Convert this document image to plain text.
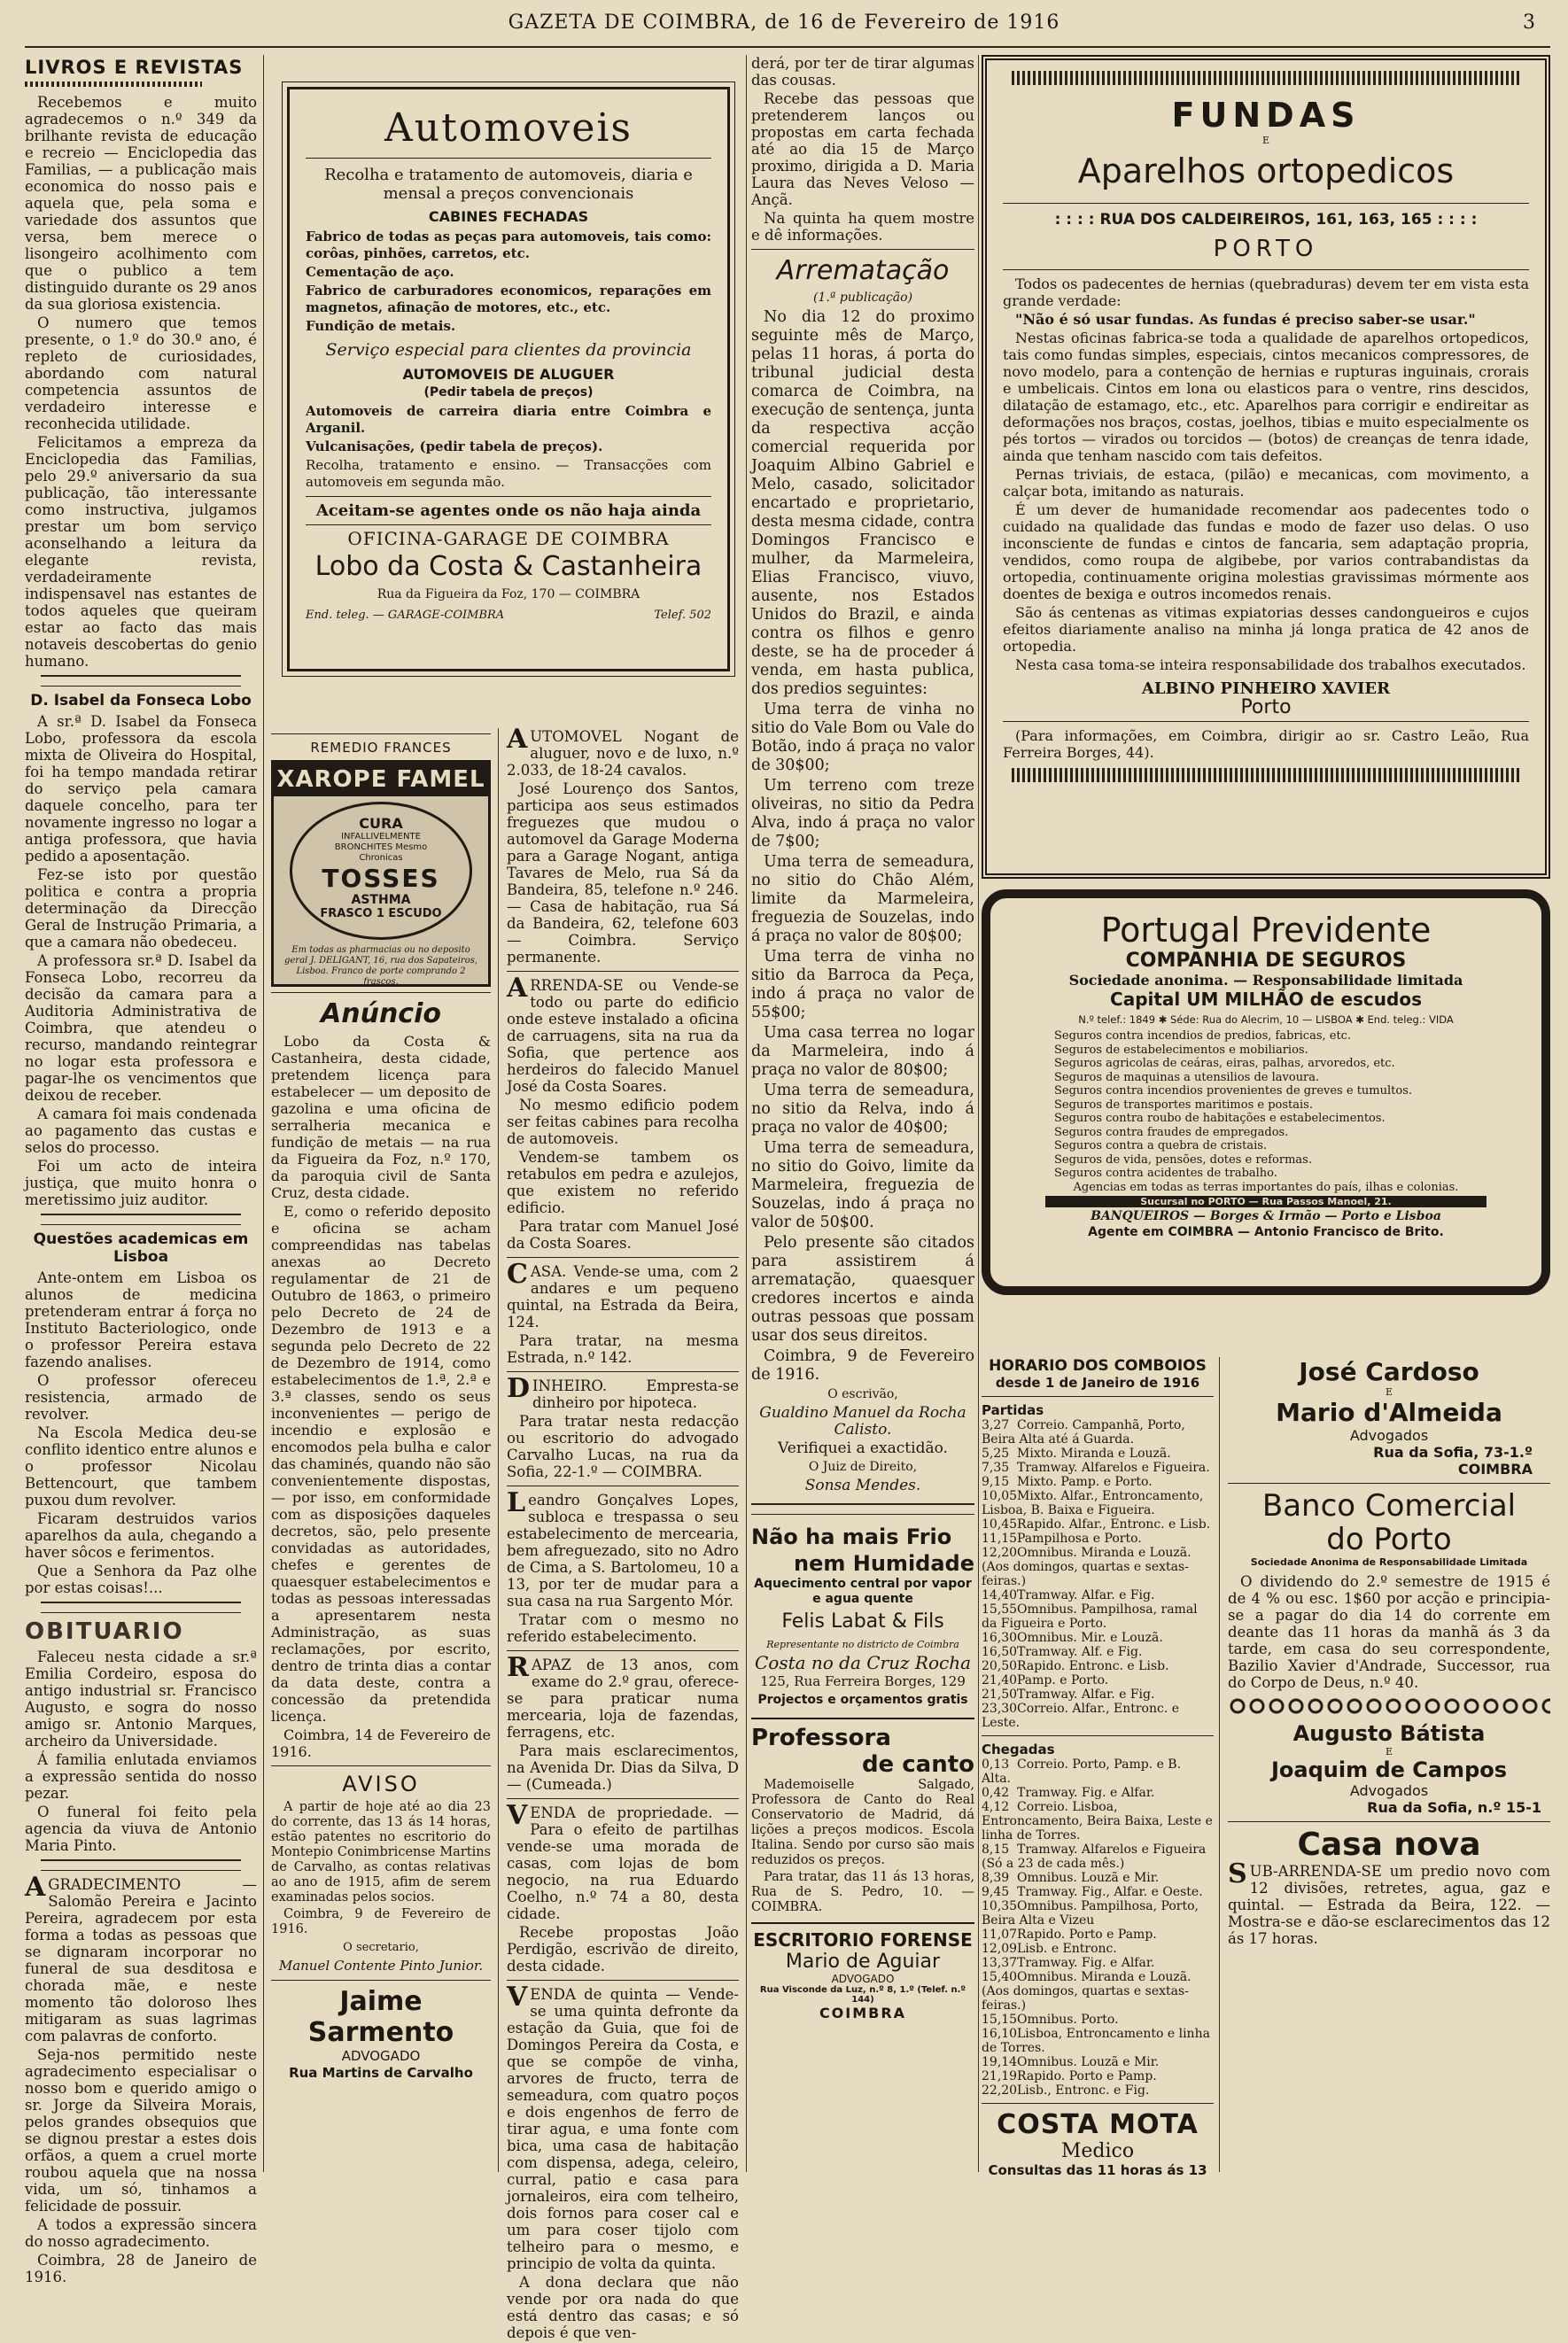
GAZETA DE COIMBRA, de 16 de Fevereiro de 1916	3
LIVROS E REVISTAS

Recebemos e muito agradecemos o n.º 349 da brilhante revista de educação e recreio — Enciclopedia das Familias, — a publicação mais economica do nosso pais e aquela que, pela soma e variedade dos assuntos que versa, bem merece o lisongeiro acolhimento com que o publico a tem distinguido durante os 29 anos da sua gloriosa existencia.

O numero que temos presente, o 1.º do 30.º ano, é repleto de curiosidades, abordando com natural competencia assuntos de verdadeiro interesse e reconhecida utilidade.

Felicitamos a empreza da Enciclopedia das Familias, pelo 29.º aniversario da sua publicação, tão interessante como instructiva, julgamos prestar um bom serviço aconselhando a leitura da elegante revista, verdadeiramente indispensavel nas estantes de todos aqueles que queiram estar ao facto das mais notaveis descobertas do genio humano.

D. Isabel da Fonseca Lobo

A sr.ª D. Isabel da Fonseca Lobo, professora da escola mixta de Oliveira do Hospital, foi ha tempo mandada retirar do serviço pela camara daquele concelho, para ter novamente ingresso no logar a antiga professora, que havia pedido a aposentação.

Fez-se isto por questão politica e contra a propria determinação da Direcção Geral de Instrução Primaria, a que a camara não obedeceu.

A professora sr.ª D. Isabel da Fonseca Lobo, recorreu da decisão da camara para a Auditoria Administrativa de Coimbra, que atendeu o recurso, mandando reintegrar no logar esta professora e pagar-lhe os vencimentos que deixou de receber.

A camara foi mais condenada ao pagamento das custas e selos do processo.

Foi um acto de inteira justiça, que muito honra o meretissimo juiz auditor.

Questões academicas em Lisboa

Ante-ontem em Lisboa os alunos de medicina pretenderam entrar á força no Instituto Bacteriologico, onde o professor Pereira estava fazendo analises.

O professor ofereceu resistencia, armado de revolver.

Na Escola Medica deu-se conflito identico entre alunos e o professor Nicolau Bettencourt, que tambem puxou dum revolver.

Ficaram destruidos varios aparelhos da aula, chegando a haver sôcos e ferimentos.

Que a Senhora da Paz olhe por estas coisas!...

OBITUARIO

Faleceu nesta cidade a sr.ª Emilia Cordeiro, esposa do antigo industrial sr. Francisco Augusto, e sogra do nosso amigo sr. Antonio Marques, archeiro da Universidade.

Á familia enlutada enviamos a expressão sentida do nosso pezar.

O funeral foi feito pela agencia da viuva de Antonio Maria Pinto.

AGRADECIMENTO — Salomão Pereira e Jacinto Pereira, agradecem por esta forma a todas as pessoas que se dignaram incorporar no funeral de sua desditosa e chorada mãe, e neste momento tão doloroso lhes mitigaram as suas lagrimas com palavras de conforto.

Seja-nos permitido neste agradecimento especialisar o nosso bom e querido amigo o sr. Jorge da Silveira Morais, pelos grandes obsequios que se dignou prestar a estes dois orfãos, a quem a cruel morte roubou aquela que na nossa vida, um só, tinhamos a felicidade de possuir.

A todos a expressão sincera do nosso agradecimento.

Coimbra, 28 de Janeiro de 1916.

Automoveis

Recolha e tratamento de automoveis, diaria e mensal a preços convencionais

CABINES FECHADAS

Fabrico de todas as peças para automoveis, tais como: corôas, pinhões, carretos, etc.

Cementação de aço.

Fabrico de carburadores economicos, reparações em magnetos, afinação de motores, etc., etc.

Fundição de metais.

Serviço especial para clientes da provincia

AUTOMOVEIS DE ALUGUER

(Pedir tabela de preços)

Automoveis de carreira diaria entre Coimbra e Arganil.

Vulcanisações, (pedir tabela de preços).

Recolha, tratamento e ensino. — Transacções com automoveis em segunda mão.

Aceitam-se agentes onde os não haja ainda

OFICINA-GARAGE DE COIMBRA

Lobo da Costa & Castanheira

Rua da Figueira da Foz, 170 — COIMBRA

End. teleg. — GARAGE-COIMBRA	Telef. 502

REMEDIO FRANCES

XAROPE FAMEL
CURA
INFALLIVELMENTE BRONCHITES Mesmo Chronicas
TOSSES
ASTHMA
FRASCO 1 ESCUDO
Em todas as pharmacias ou no deposito geral J. DELIGANT, 16, rua dos Sapateiros, Lisboa. Franco de porte comprando 2 frascos.
Anúncio

Lobo da Costa & Castanheira, desta cidade, pretendem licença para estabelecer — um deposito de gazolina e uma oficina de serralheria mecanica e fundição de metais — na rua da Figueira da Foz, n.º 170, da paroquia civil de Santa Cruz, desta cidade.

E, como o referido deposito e oficina se acham compreendidas nas tabelas anexas ao Decreto regulamentar de 21 de Outubro de 1863, o primeiro pelo Decreto de 24 de Dezembro de 1913 e a segunda pelo Decreto de 22 de Dezembro de 1914, como estabelecimentos de 1.ª, 2.ª e 3.ª classes, sendo os seus inconvenientes — perigo de incendio e explosão e encomodos pela bulha e calor das chaminés, quando não são convenientemente dispostas, — por isso, em conformidade com as disposições daqueles decretos, são, pelo presente convidadas as autoridades, chefes e gerentes de quaesquer estabelecimentos e todas as pessoas interessadas a apresentarem nesta Administração, as suas reclamações, por escrito, dentro de trinta dias a contar da data deste, contra a concessão da pretendida licença.

Coimbra, 14 de Fevereiro de 1916.

AVISO

A partir de hoje até ao dia 23 do corrente, das 13 ás 14 horas, estão patentes no escritorio do Montepio Conimbricense Martins de Carvalho, as contas relativas ao ano de 1915, afim de serem examinadas pelos socios.

Coimbra, 9 de Fevereiro de 1916.

O secretario,

Manuel Contente Pinto Junior.

Jaime Sarmento

ADVOGADO

Rua Martins de Carvalho

AUTOMOVEL Nogant de aluguer, novo e de luxo, n.º 2.033, de 18-24 cavalos.

José Lourenço dos Santos, participa aos seus estimados freguezes que mudou o automovel da Garage Moderna para a Garage Nogant, antiga Tavares de Melo, rua Sá da Bandeira, 85, telefone n.º 246. — Casa de habitação, rua Sá da Bandeira, 62, telefone 603 — Coimbra. Serviço permanente.

ARRENDA-SE ou Vende-se todo ou parte do edificio onde esteve instalado a oficina de carruagens, sita na rua da Sofia, que pertence aos herdeiros do falecido Manuel José da Costa Soares.

No mesmo edificio podem ser feitas cabines para recolha de automoveis.

Vendem-se tambem os retabulos em pedra e azulejos, que existem no referido edificio.

Para tratar com Manuel José da Costa Soares.

CASA. Vende-se uma, com 2 andares e um pequeno quintal, na Estrada da Beira, 124.

Para tratar, na mesma Estrada, n.º 142.

DINHEIRO. Empresta-se dinheiro por hipoteca.

Para tratar nesta redacção ou escritorio do advogado Carvalho Lucas, na rua da Sofia, 22-1.º — COIMBRA.

Leandro Gonçalves Lopes, subloca e trespassa o seu estabelecimento de mercearia, bem afreguezado, sito no Adro de Cima, a S. Bartolomeu, 10 a 13, por ter de mudar para a sua casa na rua Sargento Mór.

Tratar com o mesmo no referido estabelecimento.

RAPAZ de 13 anos, com exame do 2.º grau, oferece-se para praticar numa mercearia, loja de fazendas, ferragens, etc.

Para mais esclarecimentos, na Avenida Dr. Dias da Silva, D — (Cumeada.)

VENDA de propriedade. — Para o efeito de partilhas vende-se uma morada de casas, com lojas de bom negocio, na rua Eduardo Coelho, n.º 74 a 80, desta cidade.

Recebe propostas João Perdigão, escrivão de direito, desta cidade.

VENDA de quinta — Vende-se uma quinta defronte da estação da Guia, que foi de Domingos Pereira da Costa, e que se compõe de vinha, arvores de fructo, terra de semeadura, com quatro poços e dois engenhos de ferro de tirar agua, e uma fonte com bica, uma casa de habitação com dispensa, adega, celeiro, curral, patio e casa para jornaleiros, eira com telheiro, dois fornos para coser cal e um para coser tijolo com telheiro para o mesmo, e principio de volta da quinta.

A dona declara que não vende por ora nada do que está dentro das casas; e só depois é que ven-

derá, por ter de tirar algumas das cousas.

Recebe das pessoas que pretenderem lanços ou propostas em carta fechada até ao dia 15 de Março proximo, dirigida a D. Maria Laura das Neves Veloso — Ançã.

Na quinta ha quem mostre e dê informações.

Arrematação

(1.ª publicação)

No dia 12 do proximo seguinte mês de Março, pelas 11 horas, á porta do tribunal judicial desta comarca de Coimbra, na execução de sentença, junta da respectiva acção comercial requerida por Joaquim Albino Gabriel e Melo, casado, solicitador encartado e proprietario, desta mesma cidade, contra Domingos Francisco e mulher, da Marmeleira, Elias Francisco, viuvo, ausente, nos Estados Unidos do Brazil, e ainda contra os filhos e genro deste, se ha de proceder á venda, em hasta publica, dos predios seguintes:

Uma terra de vinha no sitio do Vale Bom ou Vale do Botão, indo á praça no valor de 30$00;

Um terreno com treze oliveiras, no sitio da Pedra Alva, indo á praça no valor de 7$00;

Uma terra de semeadura, no sitio do Chão Além, limite da Marmeleira, freguezia de Souzelas, indo á praça no valor de 80$00;

Uma terra de vinha no sitio da Barroca da Peça, indo á praça no valor de 55$00;

Uma casa terrea no logar da Marmeleira, indo á praça no valor de 80$00;

Uma terra de semeadura, no sitio da Relva, indo á praça no valor de 40$00;

Uma terra de semeadura, no sitio do Goivo, limite da Marmeleira, freguezia de Souzelas, indo á praça no valor de 50$00.

Pelo presente são citados para assistirem á arrematação, quaesquer credores incertos e ainda outras pessoas que possam usar dos seus direitos.

Coimbra, 9 de Fevereiro de 1916.

O escrivão,

Gualdino Manuel da Rocha Calisto.

Verifiquei a exactidão.

O Juiz de Direito,

Sonsa Mendes.

Não ha mais Frio
nem Humidade

Aquecimento central por vapor e agua quente

Felis Labat & Fils

Representante no districto de Coimbra

Costa no da Cruz Rocha

125, Rua Ferreira Borges, 129

Projectos e orçamentos gratis

Professora
de canto

Mademoiselle Salgado, Professora de Canto do Real Conservatorio de Madrid, dá lições a preços modicos. Escola Italina. Sendo por curso são mais reduzidos os preços.

Para tratar, das 11 ás 13 horas, Rua de S. Pedro, 10. — COIMBRA.

ESCRITORIO FORENSE
Mario de Aguiar
ADVOGADO
Rua Visconde da Luz, n.º 8, 1.º (Telef. n.º 144)
COIMBRA
FUNDAS
E
Aparelhos ortopedicos
: : : : RUA DOS CALDEIREIROS, 161, 163, 165 : : : :
PORTO

Todos os padecentes de hernias (quebraduras) devem ter em vista esta grande verdade:

"Não é só usar fundas. As fundas é preciso saber-se usar."

Nestas oficinas fabrica-se toda a qualidade de aparelhos ortopedicos, tais como fundas simples, especiais, cintos mecanicos compressores, de novo modelo, para a contenção de hernias e rupturas inguinais, crorais e umbelicais. Cintos em lona ou elasticos para o ventre, rins descidos, dilatação de estamago, etc., etc. Aparelhos para corrigir e endireitar as deformações nos braços, costas, joelhos, tibias e muito especialmente os pés tortos — virados ou torcidos — (botos) de creanças de tenra idade, ainda que tenham nascido com tais defeitos.

Pernas triviais, de estaca, (pilão) e mecanicas, com movimento, a calçar bota, imitando as naturais.

É um dever de humanidade recomendar aos padecentes todo o cuidado na qualidade das fundas e modo de fazer uso delas. O uso inconsciente de fundas e cintos de fancaria, sem adaptação propria, vendidos, como roupa de algibebe, por varios contrabandistas da ortopedia, continuamente origina molestias gravissimas mórmente aos doentes de bexiga e outros incomedos renais.

São ás centenas as vitimas expiatorias desses candongueiros e cujos efeitos diariamente analiso na minha já longa pratica de 42 anos de ortopedia.

Nesta casa toma-se inteira responsabilidade dos trabalhos executados.

ALBINO PINHEIRO XAVIER

Porto

(Para informações, em Coimbra, dirigir ao sr. Castro Leão, Rua Ferreira Borges, 44).

Portugal Previdente
COMPANHIA DE SEGUROS
Sociedade anonima. — Responsabilidade limitada
Capital UM MILHÃO de escudos
N.º telef.: 1849 ✱ Séde: Rua do Alecrim, 10 — LISBOA ✱ End. teleg.: VIDA
Seguros contra incendios de predios, fabricas, etc.
Seguros de estabelecimentos e mobiliarios.
Seguros agricolas de ceáras, eiras, palhas, arvoredos, etc.
Seguros de maquinas a utensilios de lavoura.
Seguros contra incendios provenientes de greves e tumultos.
Seguros de transportes maritimos e postais.
Seguros contra roubo de habitações e estabelecimentos.
Seguros contra fraudes de empregados.
Seguros contra a quebra de cristais.
Seguros de vida, pensões, dotes e reformas.
Seguros contra acidentes de trabalho.
Agencias em todas as terras importantes do país, ilhas e colonias.
Sucursal no PORTO — Rua Passos Manoel, 21.
BANQUEIROS — Borges & Irmão — Porto e Lisboa
Agente em COIMBRA — Antonio Francisco de Brito.
HORARIO DOS COMBOIOS
desde 1 de Janeiro de 1916
Partidas

3,27 Correio. Campanhã, Porto, Beira Alta até á Guarda.

5,25 Mixto. Miranda e Louzã.

7,35 Tramway. Alfarelos e Figueira.

9,15 Mixto. Pamp. e Porto.

10,05Mixto. Alfar., Entroncamento, Lisboa, B. Baixa e Figueira.

10,45Rapido. Alfar., Entronc. e Lisb.

11,15Pampilhosa e Porto.

12,20Omnibus. Miranda e Louzã. (Aos domingos, quartas e sextas-feiras.)

14,40Tramway. Alfar. e Fig.

15,55Omnibus. Pampilhosa, ramal da Figueira e Porto.

16,30Omnibus. Mir. e Louzã.

16,50Tramway. Alf. e Fig.

20,50Rapido. Entronc. e Lisb.

21,40Pamp. e Porto.

21,50Tramway. Alfar. e Fig.

23,30Correio. Alfar., Entronc. e Leste.

Chegadas

0,13 Correio. Porto, Pamp. e B. Alta.

0,42 Tramway. Fig. e Alfar.

4,12 Correio. Lisboa, Entroncamento, Beira Baixa, Leste e linha de Torres.

8,15 Tramway. Alfarelos e Figueira (Só a 23 de cada mês.)

8,39 Omnibus. Louzã e Mir.

9,45 Tramway. Fig., Alfar. e Oeste.

10,35Omnibus. Pampilhosa, Porto, Beira Alta e Vizeu

11,07Rapido. Porto e Pamp.

12,09Lisb. e Entronc.

13,37Tramway. Fig. e Alfar.

15,40Omnibus. Miranda e Louzã. (Aos domingos, quartas e sextas-feiras.)

15,15Omnibus. Porto.

16,10Lisboa, Entroncamento e linha de Torres.

19,14Omnibus. Louzã e Mir.

21,19Rapido. Porto e Pamp.

22,20Lisb., Entronc. e Fig.

COSTA MOTA
Medico
Consultas das 11 horas ás 13
José Cardoso
E
Mario d'Almeida
Advogados
Rua da Sofia, 73-1.º
COIMBRA
Banco Comercial
do Porto
Sociedade Anonima de Responsabilidade Limitada

O dividendo do 2.º semestre de 1915 é de 4 % ou esc. 1$60 por acção e principia-se a pagar do dia 14 do corrente em deante das 11 horas da manhã ás 3 da tarde, em casa do seu correspondente, Bazilio Xavier d'Andrade, Successor, rua do Corpo de Deus, n.º 40.

Augusto Bátista
E
Joaquim de Campos
Advogados
Rua da Sofia, n.º 15-1
Casa nova

SUB-ARRENDA-SE um predio novo com 12 divisões, retretes, agua, gaz e quintal. — Estrada da Beira, 122. — Mostra-se e dão-se esclarecimentos das 12 ás 17 horas.
